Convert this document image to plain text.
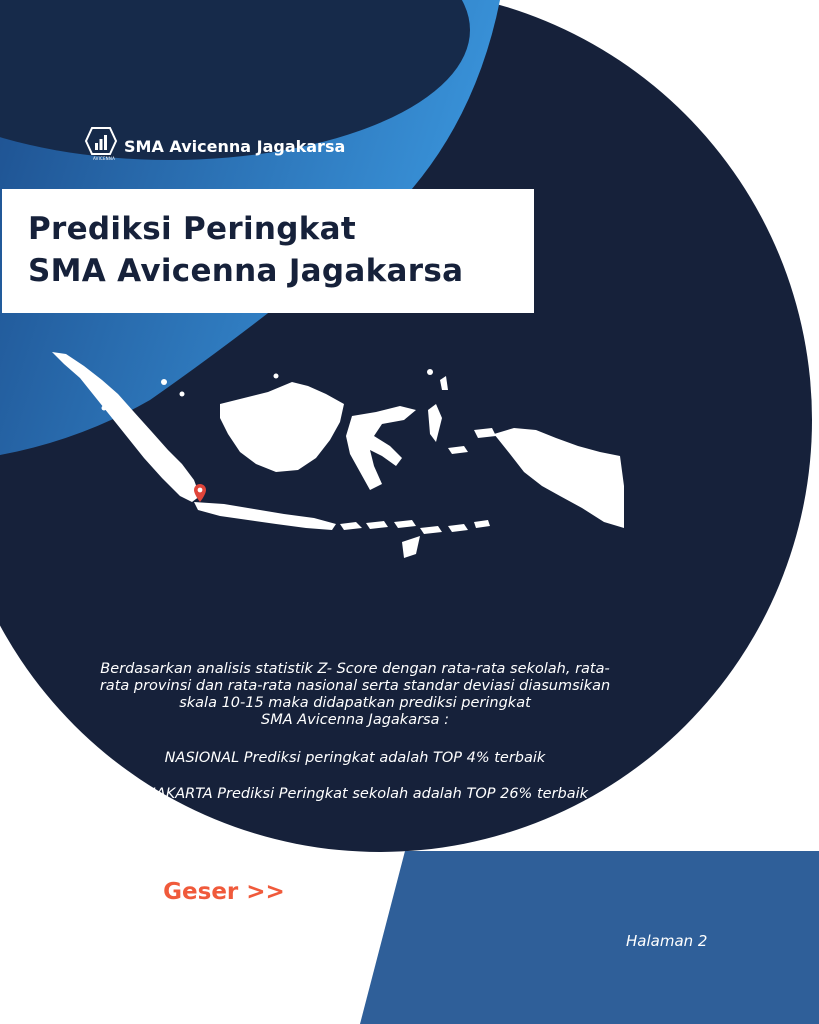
AVICENNA
SMA Avicenna Jagakarsa
Prediksi Peringkat
SMA Avicenna Jagakarsa
Berdasarkan analisis statistik Z- Score dengan rata-rata sekolah, rata-
rata provinsi dan rata-rata nasional serta standar deviasi diasumsikan
skala 10-15 maka didapatkan prediksi peringkat
SMA Avicenna Jagakarsa :
NASIONAL Prediksi peringkat adalah TOP 4% terbaik
DKI JAKARTA Prediksi Peringkat sekolah adalah TOP 26% terbaik
Geser >>
Halaman 2
